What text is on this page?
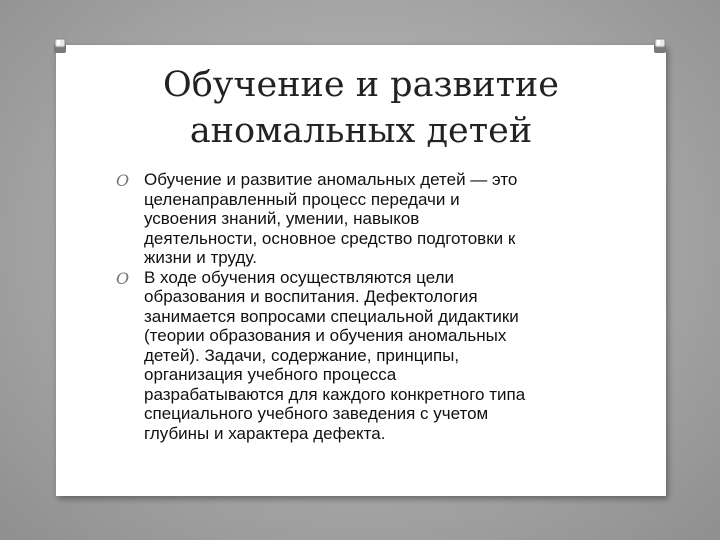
Обучение и развитие
аномальных детей
O Обучение и развитие аномальных детей — это
целенаправленный процесс передачи и
усвоения знаний, умении, навыков
деятельности, основное средство подготовки к
жизни и труду.
O В ходе обучения осуществляются цели
образования и воспитания. Дефектология
занимается вопросами специальной дидактики
(теории образования и обучения аномальных
детей). Задачи, содержание, принципы,
организация учебного процесса
разрабатываются для каждого конкретного типа
специального учебного заведения с учетом
глубины и характера дефекта.
